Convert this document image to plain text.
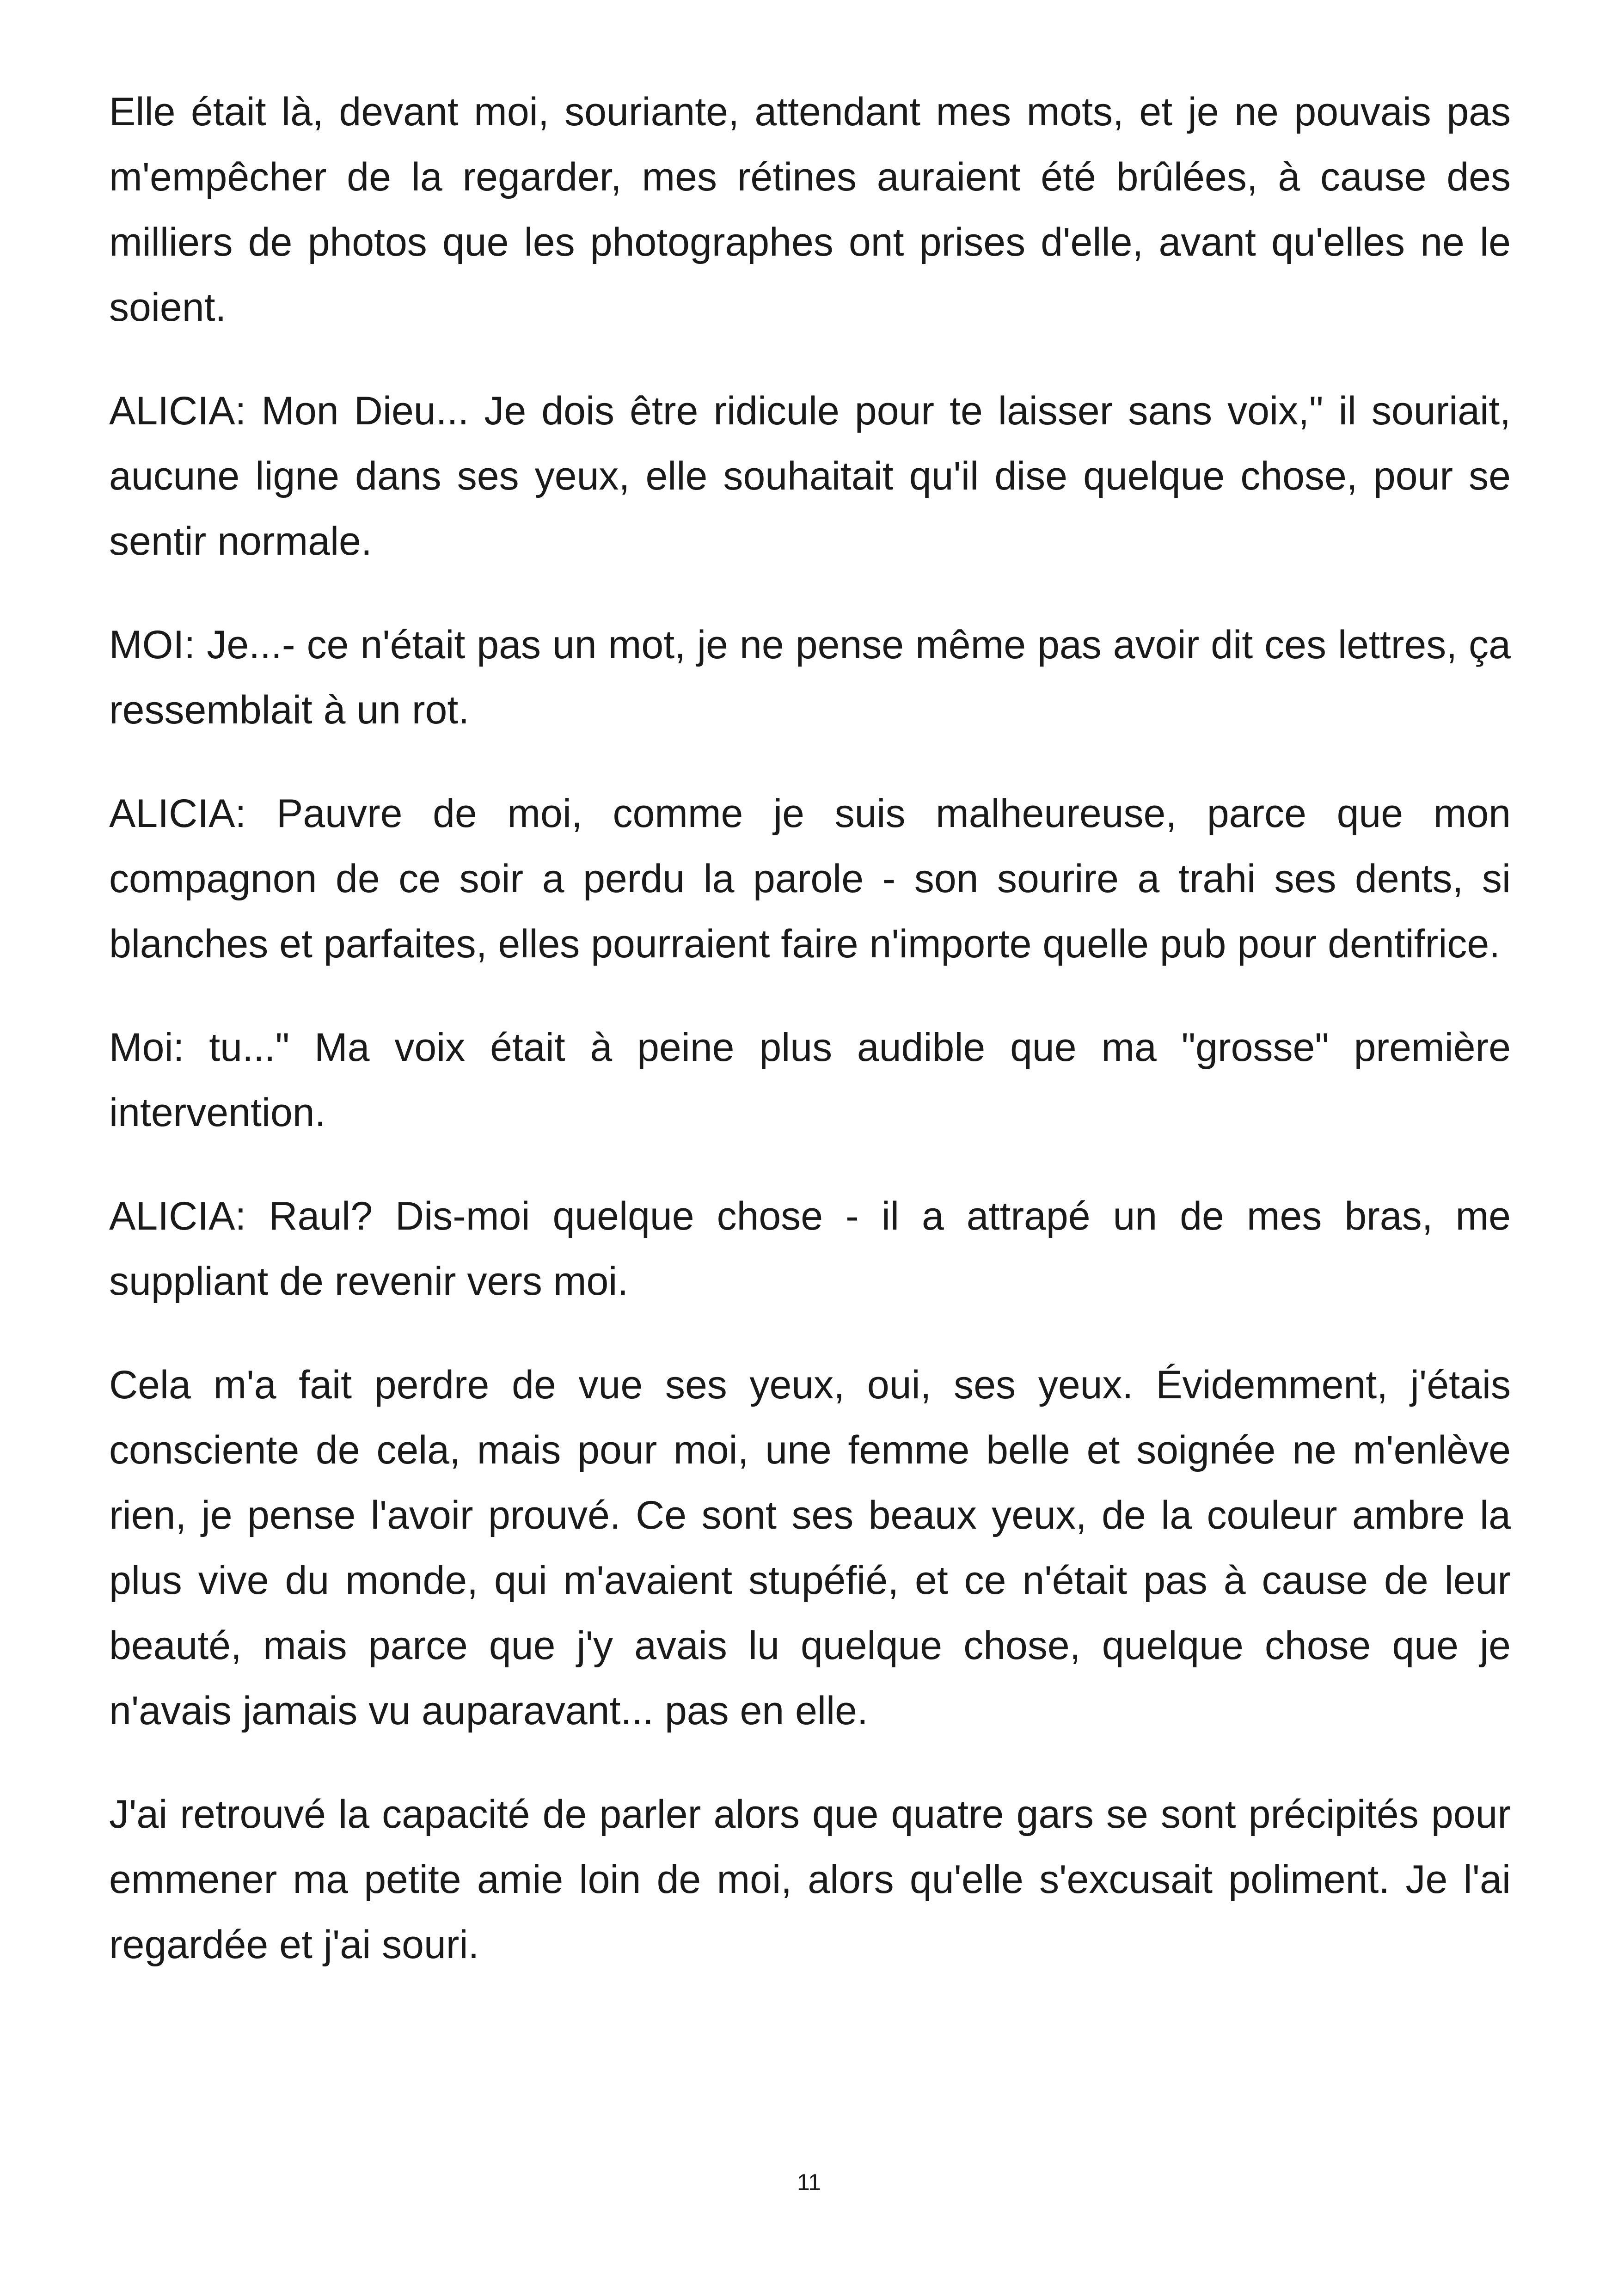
Elle était là, devant moi, souriante, attendant mes mots, et je ne pouvais pas m'empêcher de la regarder, mes rétines auraient été brûlées, à cause des milliers de photos que les photographes ont prises d'elle, avant qu'elles ne le soient.

ALICIA: Mon Dieu... Je dois être ridicule pour te laisser sans voix," il souriait, aucune ligne dans ses yeux, elle souhaitait qu'il dise quelque chose, pour se sentir normale.

MOI: Je...- ce n'était pas un mot, je ne pense même pas avoir dit ces lettres, ça ressemblait à un rot.

ALICIA: Pauvre de moi, comme je suis malheureuse, parce que mon compagnon de ce soir a perdu la parole - son sourire a trahi ses dents, si blanches et parfaites, elles pourraient faire n'importe quelle pub pour dentifrice.

Moi: tu..." Ma voix était à peine plus audible que ma "grosse" première intervention.

ALICIA: Raul? Dis-moi quelque chose - il a attrapé un de mes bras, me suppliant de revenir vers moi.

Cela m'a fait perdre de vue ses yeux, oui, ses yeux. Évidemment, j'étais consciente de cela, mais pour moi, une femme belle et soignée ne m'enlève rien, je pense l'avoir prouvé. Ce sont ses beaux yeux, de la couleur ambre la plus vive du monde, qui m'avaient stupéfié, et ce n'était pas à cause de leur beauté, mais parce que j'y avais lu quelque chose, quelque chose que je n'avais jamais vu auparavant... pas en elle.

J'ai retrouvé la capacité de parler alors que quatre gars se sont précipités pour emmener ma petite amie loin de moi, alors qu'elle s'excusait poliment. Je l'ai regardée et j'ai souri.

11
